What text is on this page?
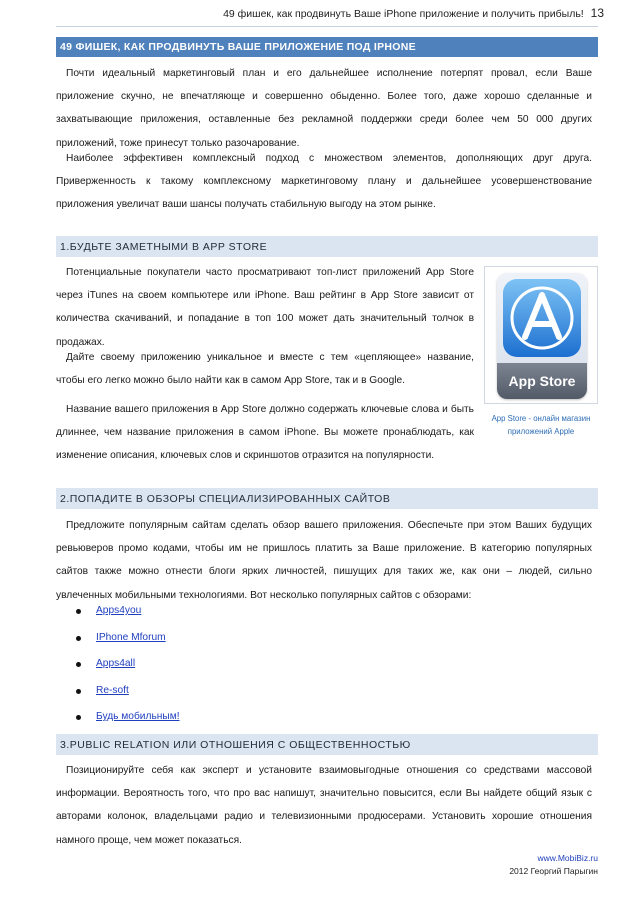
49 фишек, как продвинуть Ваше iPhone приложение и получить прибыль! 13
49 ФИШЕК, КАК ПРОДВИНУТЬ ВАШЕ ПРИЛОЖЕНИЕ ПОД IPHONE
Почти идеальный маркетинговый план и его дальнейшее исполнение потерпят провал, если Ваше приложение скучно, не впечатляюще и совершенно обыденно. Более того, даже хорошо сделанные и захватывающие приложения, оставленные без рекламной поддержки среди более чем 50 000 других приложений, тоже принесут только разочарование.
Наиболее эффективен комплексный подход с множеством элементов, дополняющих друг друга. Приверженность к такому комплексному маркетинговому плану и дальнейшее усовершенствование приложения увеличат ваши шансы получать стабильную выгоду на этом рынке.
1.БУДЬТЕ ЗАМЕТНЫМИ В APP STORE
Потенциальные покупатели часто просматривают топ-лист приложений App Store через iTunes на своем компьютере или iPhone. Ваш рейтинг в App Store зависит от количества скачиваний, и попадание в топ 100 может дать значительный толчок в продажах.
Дайте своему приложению уникальное и вместе с тем «цепляющее» название, чтобы его легко можно было найти как в самом App Store, так и в Google.
Название вашего приложения в App Store должно содержать ключевые слова и быть длиннее, чем название приложения в самом iPhone. Вы можете пронаблюдать, как изменение описания, ключевых слов и скриншотов отразится на популярности.
App Store
App Store - онлайн магазин приложений Apple
2.ПОПАДИТЕ В ОБЗОРЫ СПЕЦИАЛИЗИРОВАННЫХ САЙТОВ
Предложите популярным сайтам сделать обзор вашего приложения. Обеспечьте при этом Ваших будущих ревьюверов промо кодами, чтобы им не пришлось платить за Ваше приложение. В категорию популярных сайтов также можно отнести блоги ярких личностей, пишущих для таких же, как они – людей, сильно увлеченных мобильными технологиями. Вот несколько популярных сайтов с обзорами:
Apps4you
IPhone Mforum
Apps4all
Re-soft
Будь мобильным!
3.PUBLIC RELATION ИЛИ ОТНОШЕНИЯ С ОБЩЕСТВЕННОСТЬЮ
Позиционируйте себя как эксперт и установите взаимовыгодные отношения со средствами массовой информации. Вероятность того, что про вас напишут, значительно повысится, если Вы найдете общий язык с авторами колонок, владельцами радио и телевизионными продюсерами. Установить хорошие отношения намного проще, чем может показаться.
www.MobiBiz.ru
2012 Георгий Парыгин
